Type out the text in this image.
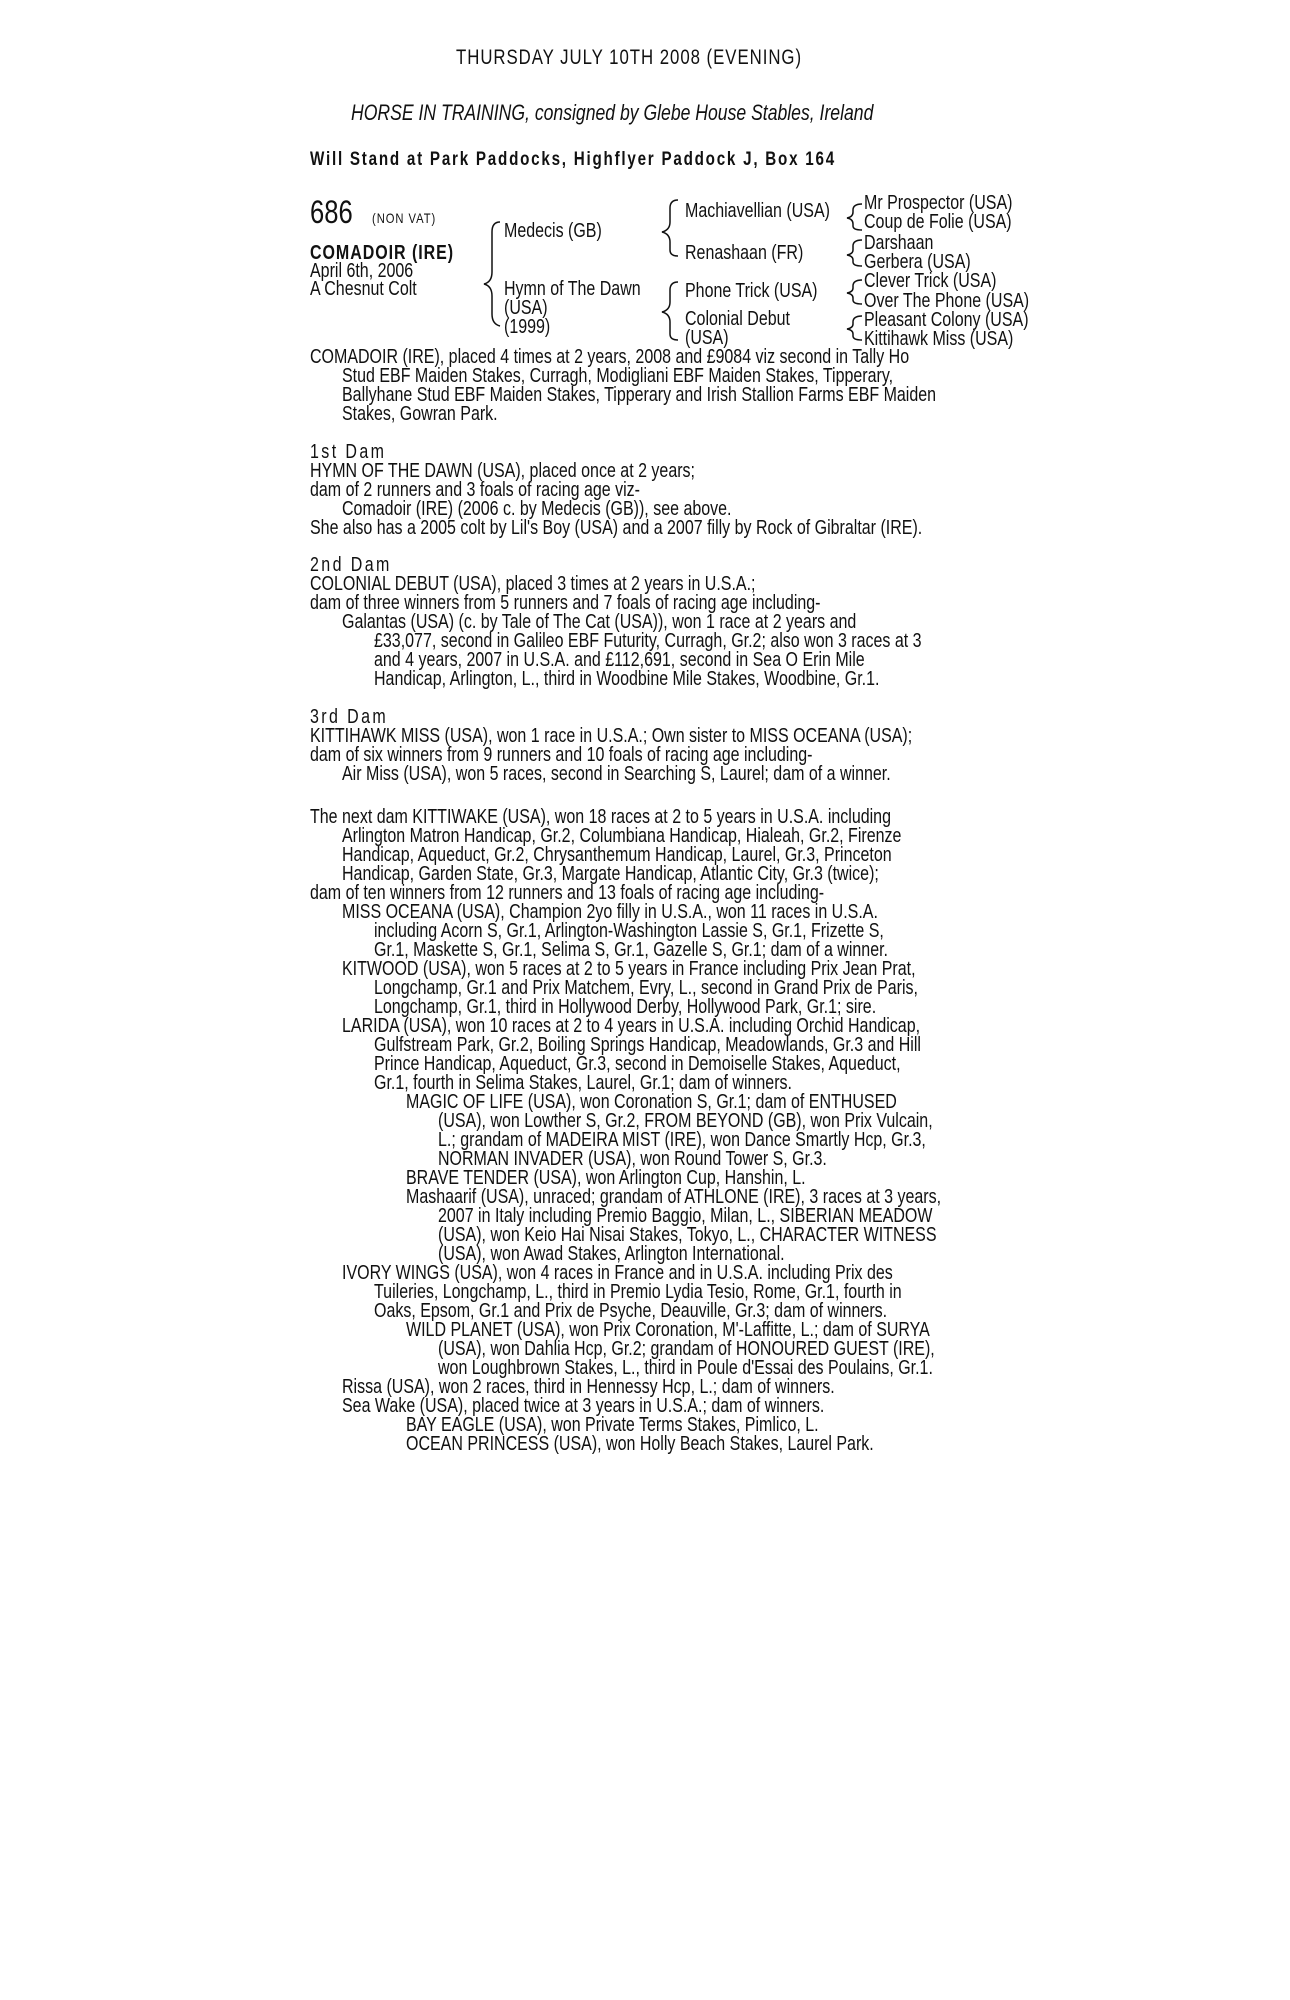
THURSDAY JULY 10TH 2008 (EVENING)
HORSE IN TRAINING, consigned by Glebe House Stables, Ireland
Will Stand at Park Paddocks, Highflyer Paddock J, Box 164
686 (NON VAT)
COMADOIR (IRE)
April 6th, 2006
A Chesnut Colt
Medecis (GB)
Hymn of The Dawn
(USA)
(1999)
Machiavellian (USA)
Renashaan (FR)
Phone Trick (USA)
Colonial Debut
(USA)
Mr Prospector (USA)
Coup de Folie (USA)
Darshaan
Gerbera (USA)
Clever Trick (USA)
Over The Phone (USA)
Pleasant Colony (USA)
Kittihawk Miss (USA)
COMADOIR (IRE), placed 4 times at 2 years, 2008 and £9084 viz second in Tally Ho
Stud EBF Maiden Stakes, Curragh, Modigliani EBF Maiden Stakes, Tipperary,
Ballyhane Stud EBF Maiden Stakes, Tipperary and Irish Stallion Farms EBF Maiden
Stakes, Gowran Park.
1st Dam
HYMN OF THE DAWN (USA), placed once at 2 years;
dam of 2 runners and 3 foals of racing age viz-
Comadoir (IRE) (2006 c. by Medecis (GB)), see above.
She also has a 2005 colt by Lil's Boy (USA) and a 2007 filly by Rock of Gibraltar (IRE).
2nd Dam
COLONIAL DEBUT (USA), placed 3 times at 2 years in U.S.A.;
dam of three winners from 5 runners and 7 foals of racing age including-
Galantas (USA) (c. by Tale of The Cat (USA)), won 1 race at 2 years and
£33,077, second in Galileo EBF Futurity, Curragh, Gr.2; also won 3 races at 3
and 4 years, 2007 in U.S.A. and £112,691, second in Sea O Erin Mile
Handicap, Arlington, L., third in Woodbine Mile Stakes, Woodbine, Gr.1.
3rd Dam
KITTIHAWK MISS (USA), won 1 race in U.S.A.; Own sister to MISS OCEANA (USA);
dam of six winners from 9 runners and 10 foals of racing age including-
Air Miss (USA), won 5 races, second in Searching S, Laurel; dam of a winner.
The next dam KITTIWAKE (USA), won 18 races at 2 to 5 years in U.S.A. including
Arlington Matron Handicap, Gr.2, Columbiana Handicap, Hialeah, Gr.2, Firenze
Handicap, Aqueduct, Gr.2, Chrysanthemum Handicap, Laurel, Gr.3, Princeton
Handicap, Garden State, Gr.3, Margate Handicap, Atlantic City, Gr.3 (twice);
dam of ten winners from 12 runners and 13 foals of racing age including-
MISS OCEANA (USA), Champion 2yo filly in U.S.A., won 11 races in U.S.A.
including Acorn S, Gr.1, Arlington-Washington Lassie S, Gr.1, Frizette S,
Gr.1, Maskette S, Gr.1, Selima S, Gr.1, Gazelle S, Gr.1; dam of a winner.
KITWOOD (USA), won 5 races at 2 to 5 years in France including Prix Jean Prat,
Longchamp, Gr.1 and Prix Matchem, Evry, L., second in Grand Prix de Paris,
Longchamp, Gr.1, third in Hollywood Derby, Hollywood Park, Gr.1; sire.
LARIDA (USA), won 10 races at 2 to 4 years in U.S.A. including Orchid Handicap,
Gulfstream Park, Gr.2, Boiling Springs Handicap, Meadowlands, Gr.3 and Hill
Prince Handicap, Aqueduct, Gr.3, second in Demoiselle Stakes, Aqueduct,
Gr.1, fourth in Selima Stakes, Laurel, Gr.1; dam of winners.
MAGIC OF LIFE (USA), won Coronation S, Gr.1; dam of ENTHUSED
(USA), won Lowther S, Gr.2, FROM BEYOND (GB), won Prix Vulcain,
L.; grandam of MADEIRA MIST (IRE), won Dance Smartly Hcp, Gr.3,
NORMAN INVADER (USA), won Round Tower S, Gr.3.
BRAVE TENDER (USA), won Arlington Cup, Hanshin, L.
Mashaarif (USA), unraced; grandam of ATHLONE (IRE), 3 races at 3 years,
2007 in Italy including Premio Baggio, Milan, L., SIBERIAN MEADOW
(USA), won Keio Hai Nisai Stakes, Tokyo, L., CHARACTER WITNESS
(USA), won Awad Stakes, Arlington International.
IVORY WINGS (USA), won 4 races in France and in U.S.A. including Prix des
Tuileries, Longchamp, L., third in Premio Lydia Tesio, Rome, Gr.1, fourth in
Oaks, Epsom, Gr.1 and Prix de Psyche, Deauville, Gr.3; dam of winners.
WILD PLANET (USA), won Prix Coronation, M'-Laffitte, L.; dam of SURYA
(USA), won Dahlia Hcp, Gr.2; grandam of HONOURED GUEST (IRE),
won Loughbrown Stakes, L., third in Poule d'Essai des Poulains, Gr.1.
Rissa (USA), won 2 races, third in Hennessy Hcp, L.; dam of winners.
Sea Wake (USA), placed twice at 3 years in U.S.A.; dam of winners.
BAY EAGLE (USA), won Private Terms Stakes, Pimlico, L.
OCEAN PRINCESS (USA), won Holly Beach Stakes, Laurel Park.
